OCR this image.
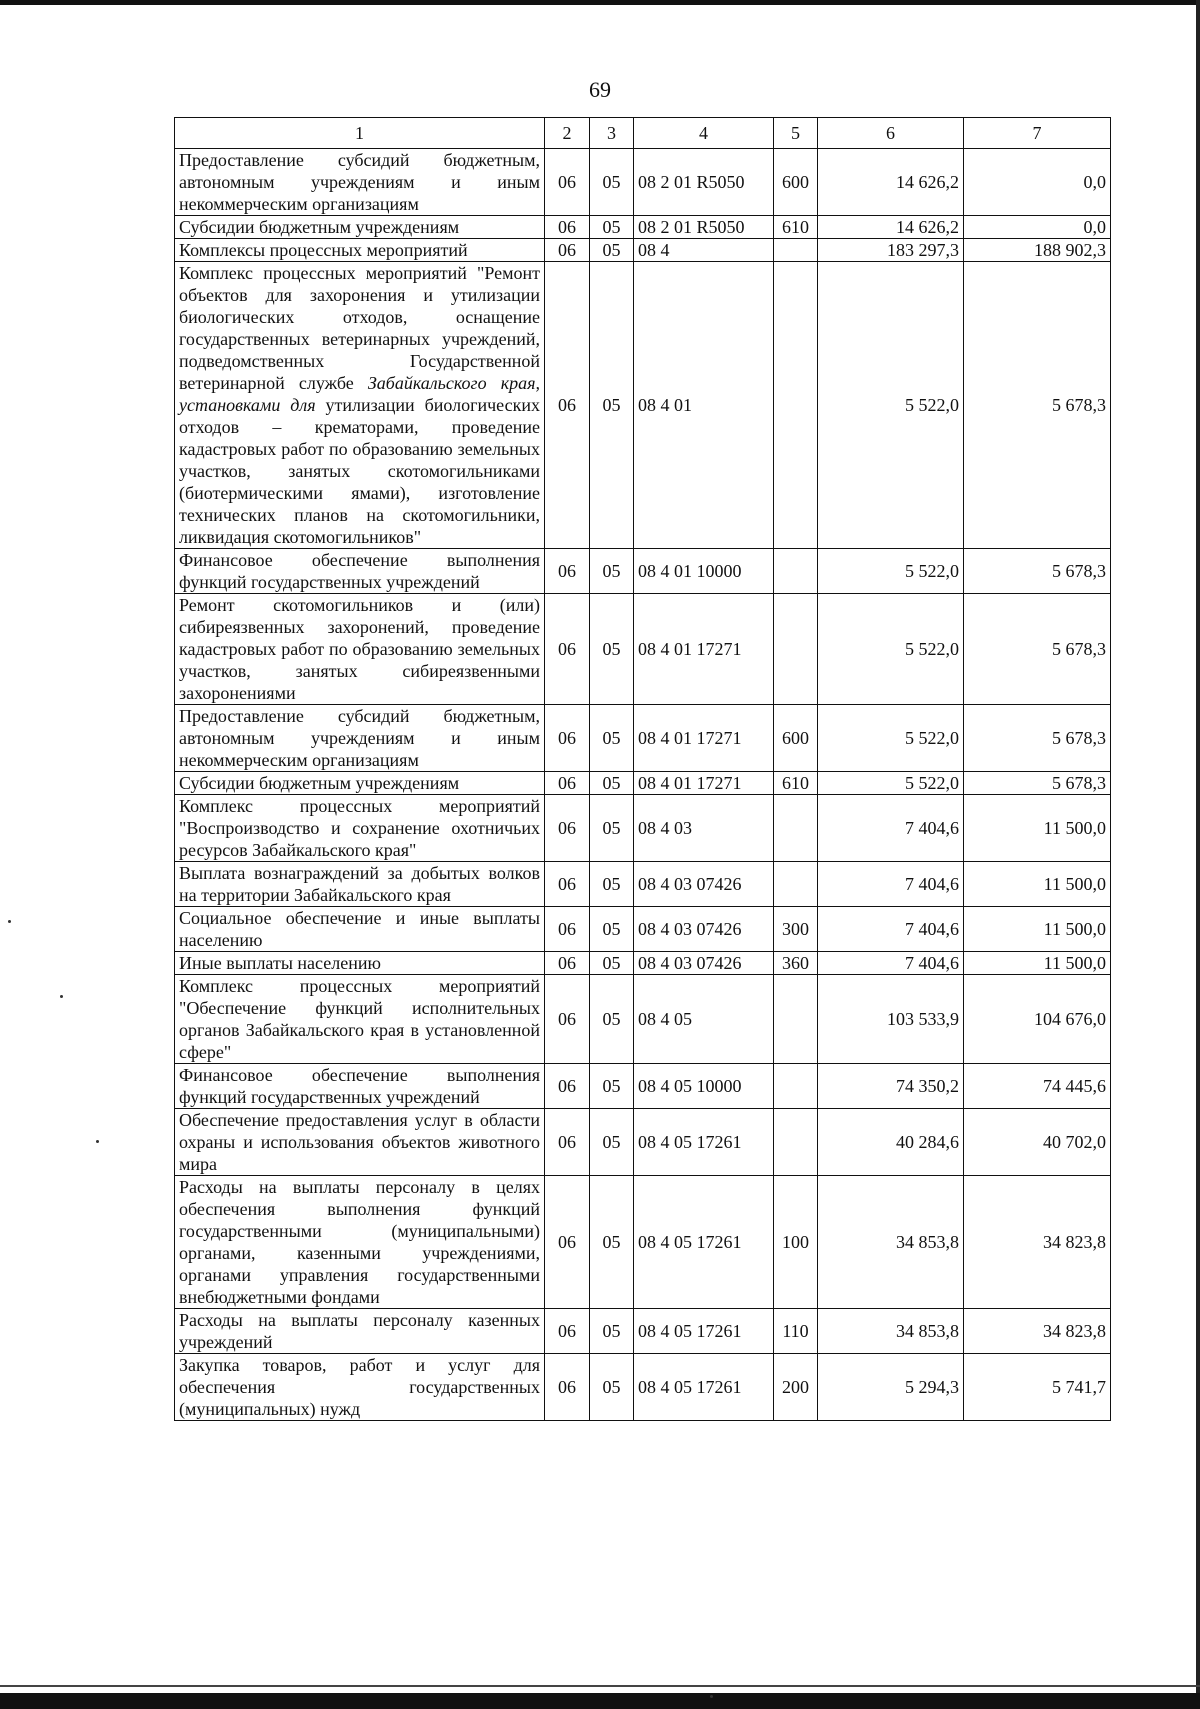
69
1	2	3	4	5	6	7
Предоставление субсидий бюджетным, автономным учреждениям и иным некоммерческим организациям	06	05	08 2 01 R5050	600	14 626,2	0,0
Субсидии бюджетным учреждениям	06	05	08 2 01 R5050	610	14 626,2	0,0
Комплексы процессных мероприятий	06	05	08 4		183 297,3	188 902,3
Комплекс процессных мероприятий "Ремонт объектов для захоронения и утилизации биологических отходов, оснащение государственных ветеринарных учреждений, подведомственных Государственной ветеринарной службе Забайкальского края, установками для утилизации биологических отходов – крематорами, проведение кадастровых работ по образованию земельных участков, занятых скотомогильниками (биотермическими ямами), изготовление технических планов на скотомогильники, ликвидация скотомогильников"	06	05	08 4 01		5 522,0	5 678,3
Финансовое обеспечение выполнения функций государственных учреждений	06	05	08 4 01 10000		5 522,0	5 678,3
Ремонт скотомогильников и (или) сибиреязвенных захоронений, проведение кадастровых работ по образованию земельных участков, занятых сибиреязвенными захоронениями	06	05	08 4 01 17271		5 522,0	5 678,3
Предоставление субсидий бюджетным, автономным учреждениям и иным некоммерческим организациям	06	05	08 4 01 17271	600	5 522,0	5 678,3
Субсидии бюджетным учреждениям	06	05	08 4 01 17271	610	5 522,0	5 678,3
Комплекс процессных мероприятий "Воспроизводство и сохранение охотничьих ресурсов Забайкальского края"	06	05	08 4 03		7 404,6	11 500,0
Выплата вознаграждений за добытых волков на территории Забайкальского края	06	05	08 4 03 07426		7 404,6	11 500,0
Социальное обеспечение и иные выплаты населению	06	05	08 4 03 07426	300	7 404,6	11 500,0
Иные выплаты населению	06	05	08 4 03 07426	360	7 404,6	11 500,0
Комплекс процессных мероприятий "Обеспечение функций исполнительных органов Забайкальского края в установленной сфере"	06	05	08 4 05		103 533,9	104 676,0
Финансовое обеспечение выполнения функций государственных учреждений	06	05	08 4 05 10000		74 350,2	74 445,6
Обеспечение предоставления услуг в области охраны и использования объектов животного мира	06	05	08 4 05 17261		40 284,6	40 702,0
Расходы на выплаты персоналу в целях обеспечения выполнения функций государственными (муниципальными) органами, казенными учреждениями, органами управления государственными внебюджетными фондами	06	05	08 4 05 17261	100	34 853,8	34 823,8
Расходы на выплаты персоналу казенных учреждений	06	05	08 4 05 17261	110	34 853,8	34 823,8
Закупка товаров, работ и услуг для обеспечения государственных (муниципальных) нужд	06	05	08 4 05 17261	200	5 294,3	5 741,7
